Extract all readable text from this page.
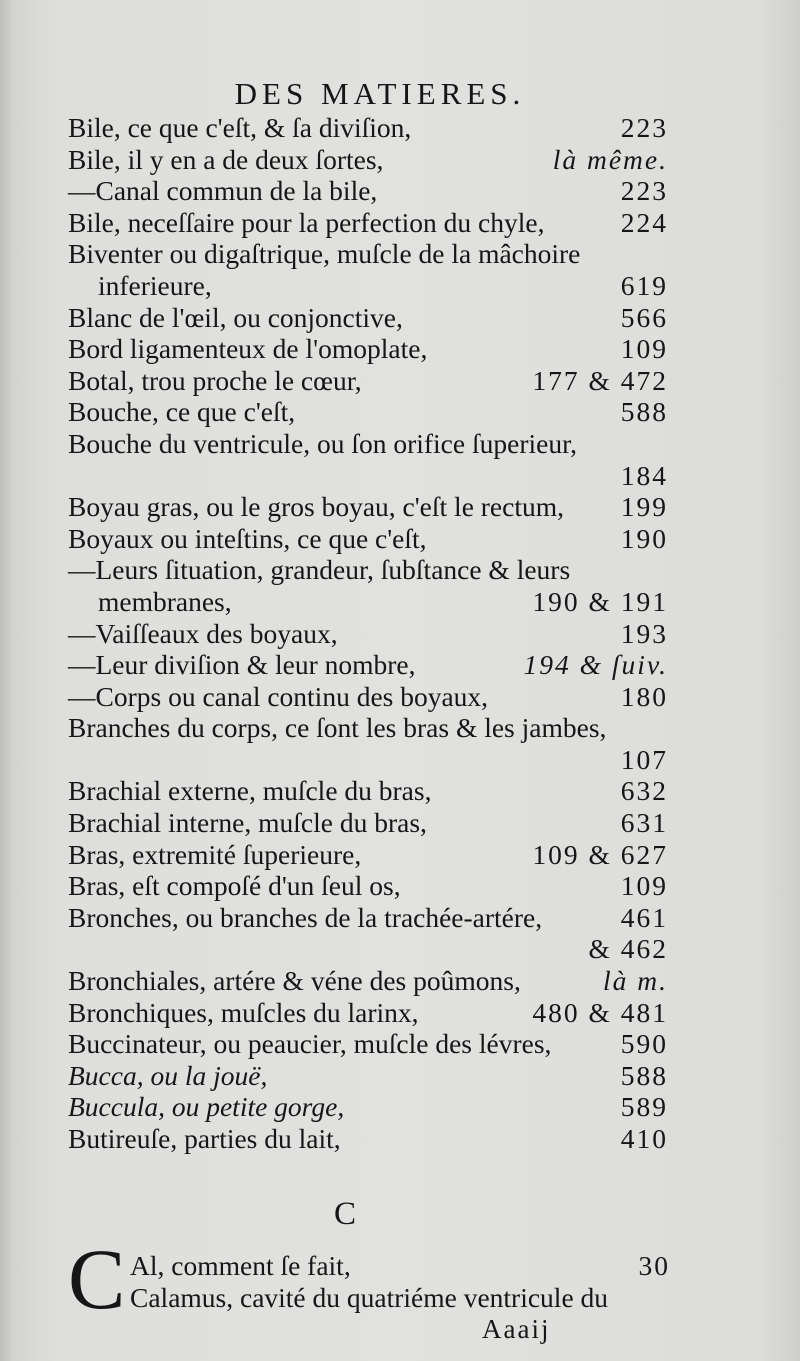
DES MATIERES.
Bile, ce que c'eſt, & ſa diviſion,	223
Bile, il y en a de deux ſortes,	là même.
—Canal commun de la bile,	223
Bile, neceſſaire pour la perfection du chyle,	224
Biventer ou digaſtrique, muſcle de la mâchoire
inferieure,	619
Blanc de l'œil, ou conjonctive,	566
Bord ligamenteux de l'omoplate,	109
Botal, trou proche le cœur,	177 & 472
Bouche, ce que c'eſt,	588
Bouche du ventricule, ou ſon orifice ſuperieur,
184
Boyau gras, ou le gros boyau, c'eſt le rectum, 199
Boyaux ou inteſtins, ce que c'eſt,	190
—Leurs ſituation, grandeur, ſubſtance & leurs
membranes,	190 & 191
—Vaiſſeaux des boyaux,	193
—Leur diviſion & leur nombre,	194 & ſuiv.
—Corps ou canal continu des boyaux,	180
Branches du corps, ce ſont les bras & les jambes,
107
Brachial externe, muſcle du bras,	632
Brachial interne, muſcle du bras,	631
Bras, extremité ſuperieure,	109 & 627
Bras, eſt compoſé d'un ſeul os,	109
Bronches, ou branches de la trachée-artére,	461
& 462
Bronchiales, artére & véne des poûmons,	là m.
Bronchiques, muſcles du larinx,	480 & 481
Buccinateur, ou peaucier, muſcle des lévres,	590
Bucca, ou la jouë,	588
Buccula, ou petite gorge,	589
Butireuſe, parties du lait,	410
C
C Al, comment ſe fait,	30
Calamus, cavité du quatriéme ventricule du
Aaaij
